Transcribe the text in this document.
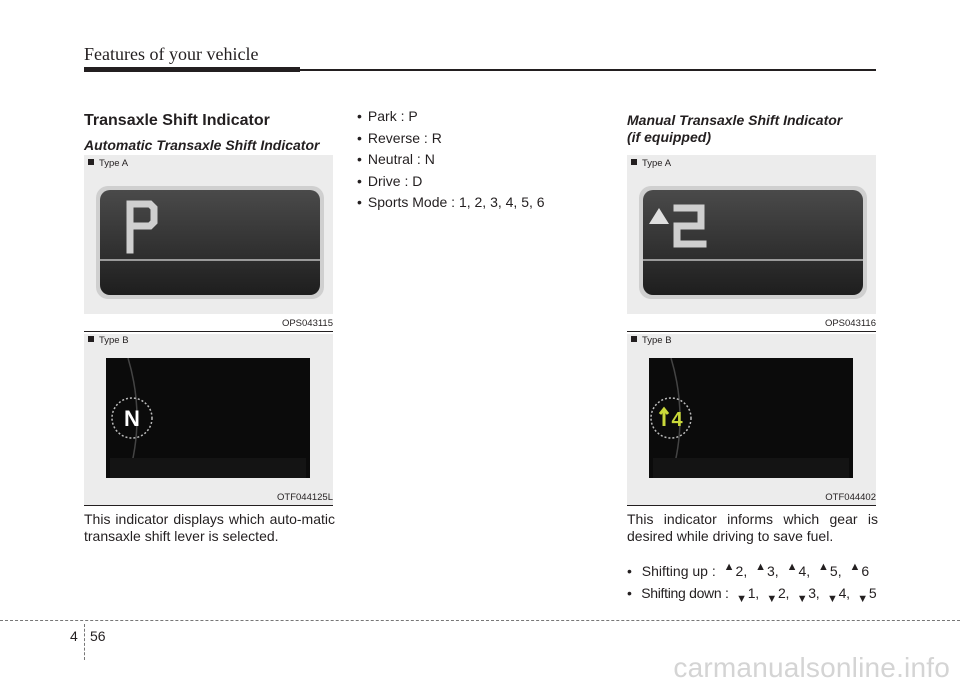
Features of your vehicle
Transaxle Shift Indicator
Automatic Transaxle Shift Indicator
Type A
OPS043115
Type B
N
OTF044125L
This indicator displays which auto-matic transaxle shift lever is selected.
• Park : P
• Reverse : R
• Neutral : N
• Drive : D
• Sports Mode : 1, 2, 3, 4, 5, 6
Manual Transaxle Shift Indicator
(if equipped)
Type A
OPS043116
Type B
4
OTF044402
This indicator informs which gear is desired while driving to save fuel.
• Shifting up : ▲2, ▲3, ▲4, ▲5, ▲6
• Shifting down : $_▼$1, $_▼$2, $_▼$3, $_▼$4, $_▼$5
4 56
carmanualsonline.info
